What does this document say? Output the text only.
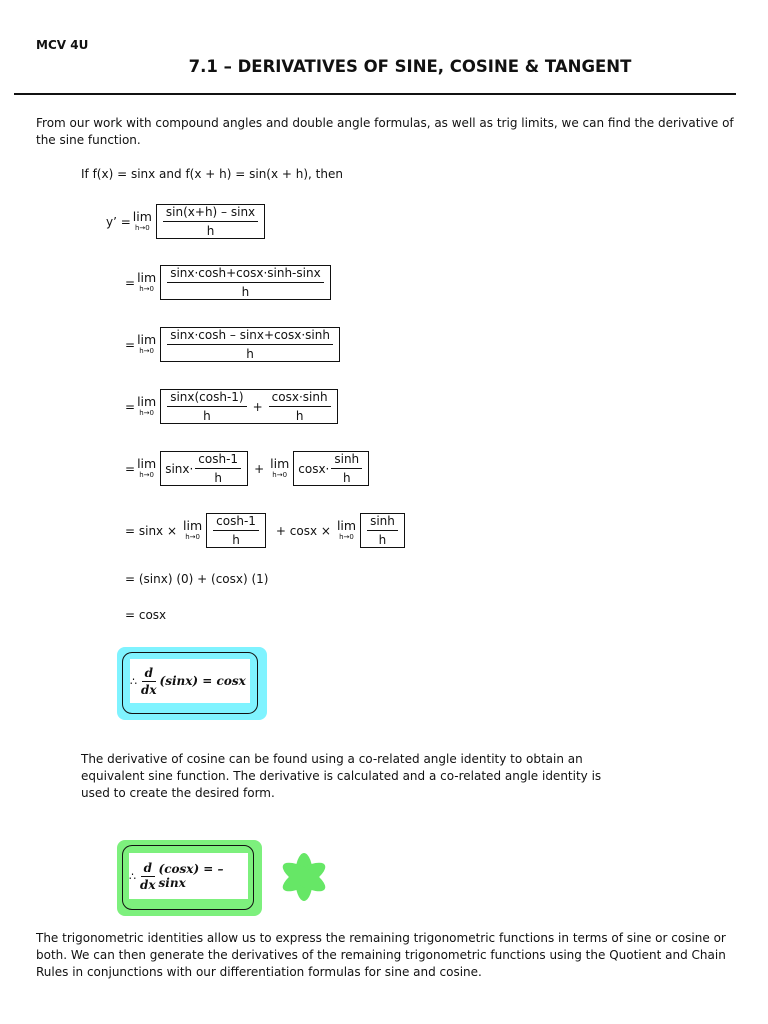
MCV 4U
7.1 – DERIVATIVES OF SINE, COSINE & TANGENT
From our work with compound angles and double angle formulas, as well as trig limits, we can find the derivative of the sine function.
If f(x) = sinx and f(x + h) = sin(x + h), then
y’ = lim
$h\to 0 \frac{\sin(x+h) - \sin x}{h}$
= lim
$h\to 0 \frac{\sin x\cdot\cosh+\cos x\cdot\sinh-\sin x}{h}$
= lim
$h\to 0 \frac{\sin x\cdot\cosh - \sin x+\cos x\cdot\sinh}{h}$
= lim
$h\to 0 \frac{\sin x(\cosh-1)}{h} + \frac{\cos x\cdot\sinh}{h}$
= lim
h→0 $\sin x\cdot \frac{\cosh-1}{h} + \lim$
h→0 $\cos x\cdot \frac{\sinh}{h}$
= sinx × lim
$h\to 0 \frac{\cosh-1}{h} + \cos x \times \lim$
$h\to 0 \frac{\sinh}{h}$
= (sinx) (0) + (cosx) (1)
= cosx
∴
d
dx
(sinx) = cosx
The derivative of cosine can be found using a co-related angle identity to obtain an equivalent sine function. The derivative is calculated and a co-related angle identity is used to create the desired form.
∴
d
dx
(cosx) = –sinx
The trigonometric identities allow us to express the remaining trigonometric functions in terms of sine or cosine or both. We can then generate the derivatives of the remaining trigonometric functions using the Quotient and Chain Rules in conjunctions with our differentiation formulas for sine and cosine.
